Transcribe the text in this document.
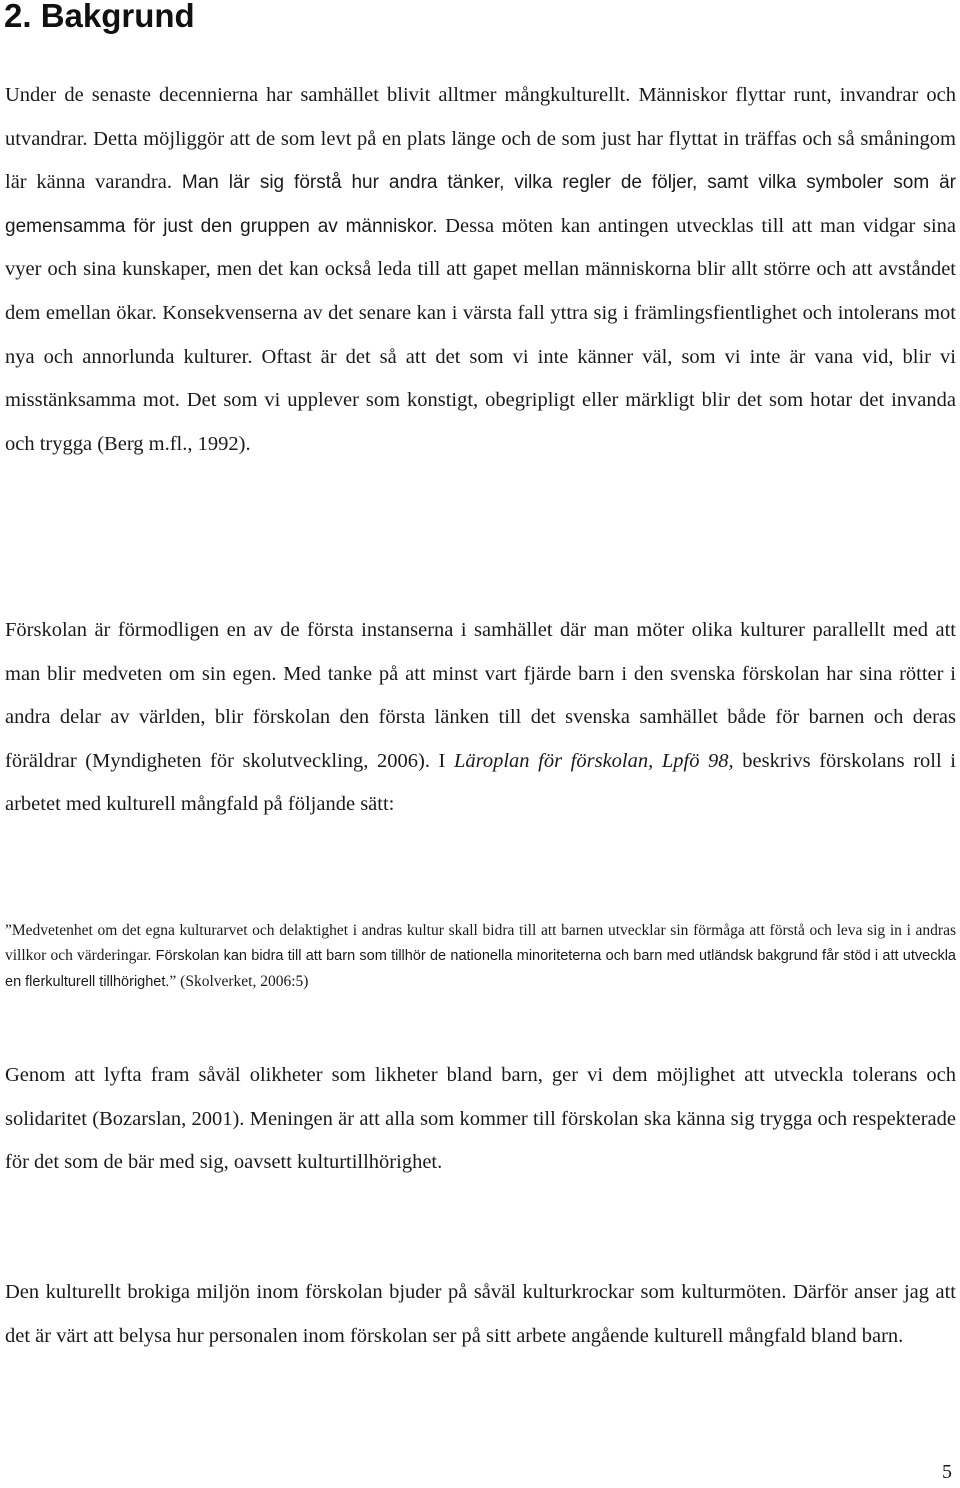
2. Bakgrund

Under de senaste decennierna har samhället blivit alltmer mångkulturellt. Människor flyttar runt, invandrar och utvandrar. Detta möjliggör att de som levt på en plats länge och de som just har flyttat in träffas och så småningom lär känna varandra. Man lär sig förstå hur andra tänker, vilka regler de följer, samt vilka symboler som är gemensamma för just den gruppen av människor. Dessa möten kan antingen utvecklas till att man vidgar sina vyer och sina kunskaper, men det kan också leda till att gapet mellan människorna blir allt större och att avståndet dem emellan ökar. Konsekvenserna av det senare kan i värsta fall yttra sig i främlingsfientlighet och intolerans mot nya och annorlunda kulturer. Oftast är det så att det som vi inte känner väl, som vi inte är vana vid, blir vi misstänksamma mot. Det som vi upplever som konstigt, obegripligt eller märkligt blir det som hotar det invanda och trygga (Berg m.fl., 1992).

Förskolan är förmodligen en av de första instanserna i samhället där man möter olika kulturer parallellt med att man blir medveten om sin egen. Med tanke på att minst vart fjärde barn i den svenska förskolan har sina rötter i andra delar av världen, blir förskolan den första länken till det svenska samhället både för barnen och deras föräldrar (Myndigheten för skolutveckling, 2006). I Läroplan för förskolan, Lpfö 98, beskrivs förskolans roll i arbetet med kulturell mångfald på följande sätt:

”Medvetenhet om det egna kulturarvet och delaktighet i andras kultur skall bidra till att barnen utvecklar sin förmåga att förstå och leva sig in i andras villkor och värderingar. Förskolan kan bidra till att barn som tillhör de nationella minoriteterna och barn med utländsk bakgrund får stöd i att utveckla en flerkulturell tillhörighet.” (Skolverket, 2006:5)

Genom att lyfta fram såväl olikheter som likheter bland barn, ger vi dem möjlighet att utveckla tolerans och solidaritet (Bozarslan, 2001). Meningen är att alla som kommer till förskolan ska känna sig trygga och respekterade för det som de bär med sig, oavsett kulturtillhörighet.

Den kulturellt brokiga miljön inom förskolan bjuder på såväl kulturkrockar som kulturmöten. Därför anser jag att det är värt att belysa hur personalen inom förskolan ser på sitt arbete angående kulturell mångfald bland barn.

5
